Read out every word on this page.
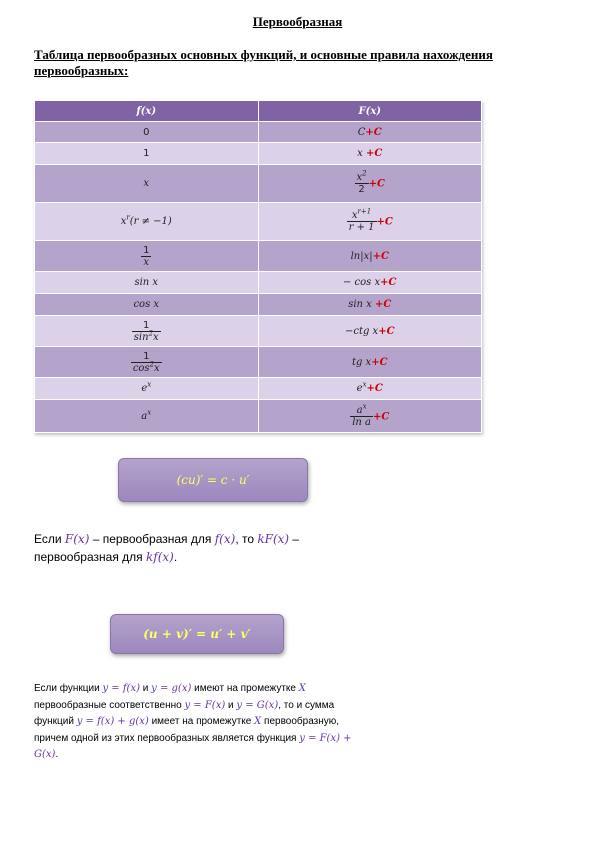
Первообразная
Таблица первообразных основных функций, и основные правила нахождения первообразных:
f(x)	F(x)
0	C+C
1	x +C
x	$\frac{x^2}{2} +C$
$x^r(r \ne -1)$	$\frac{x^{r+1}}{r + 1} +C$

$\frac{1}{x}$	ln|x|+C
sin x	− cos x+C
cos x	sin x +C

$\frac{1}{\sin^2x}$	−ctg x+C

$\frac{1}{\cos^2x}$	tg x+C
$e^x$	$e^x+C$
$a^x$	$\frac{a^x}{\text{ln a}} +C$
(cu)′ = c · u′
Если F(x) – первообразная для f(x), то kF(x) – первообразная для kf(x).
(u + v)′ = u′ + v′
Если функции y = f(x) и y = g(x) имеют на промежутке X первообразные соответственно y = F(x) и y = G(x), то и сумма функций y = f(x) + g(x) имеет на промежутке X первообразную, причем одной из этих первообразных является функция y = F(x) + G(x).
